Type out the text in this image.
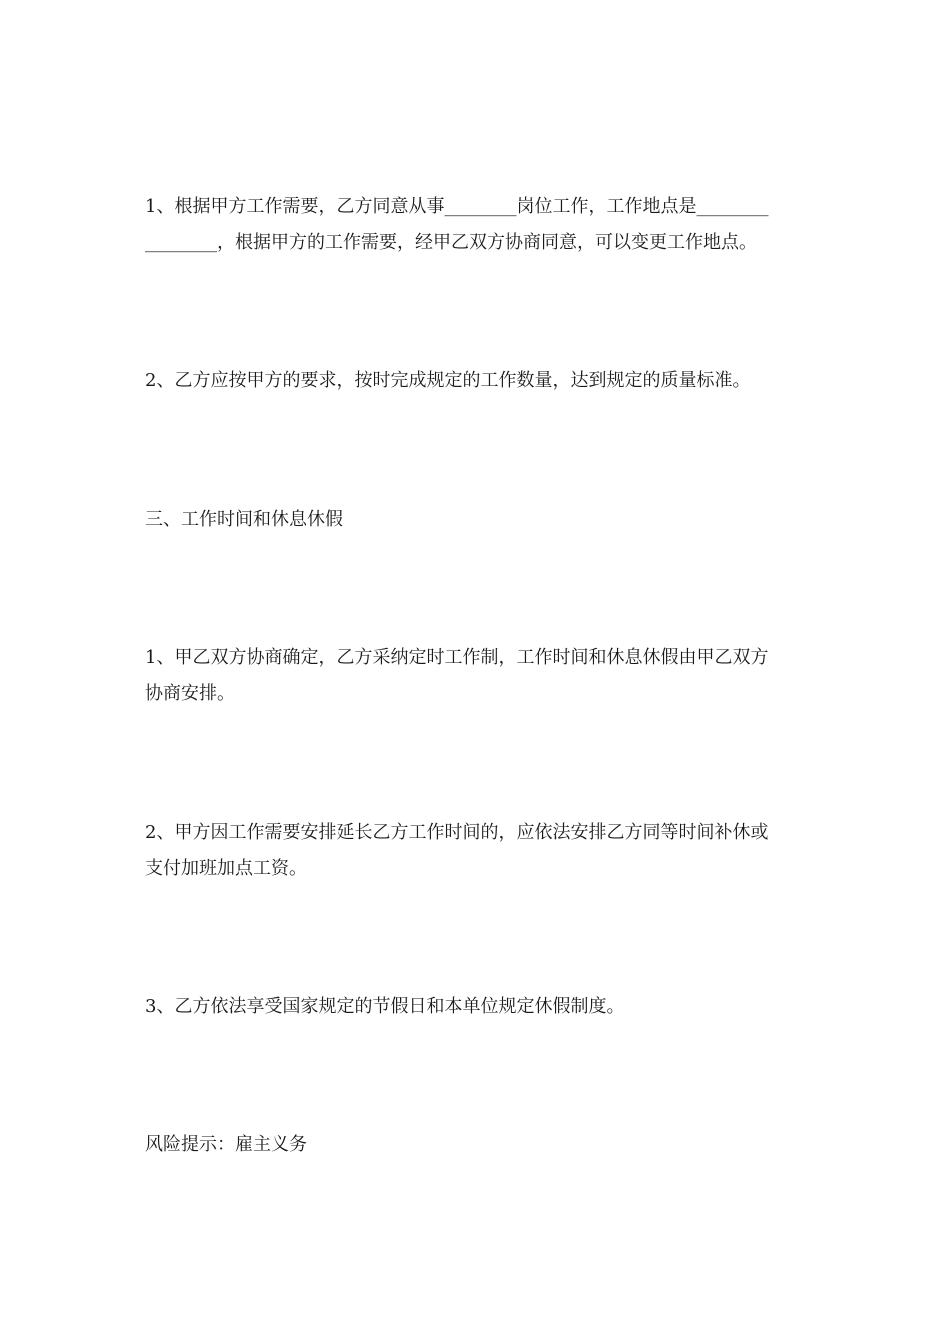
1、根据甲方工作需要，乙方同意从事________岗位工作，工作地点是________
________，根据甲方的工作需要，经甲乙双方协商同意，可以变更工作地点。

2、乙方应按甲方的要求，按时完成规定的工作数量，达到规定的质量标准。

三、工作时间和休息休假

1、甲乙双方协商确定，乙方采纳定时工作制，工作时间和休息休假由甲乙双方
协商安排。

2、甲方因工作需要安排延长乙方工作时间的，应依法安排乙方同等时间补休或
支付加班加点工资。

3、乙方依法享受国家规定的节假日和本单位规定休假制度。

风险提示：雇主义务
